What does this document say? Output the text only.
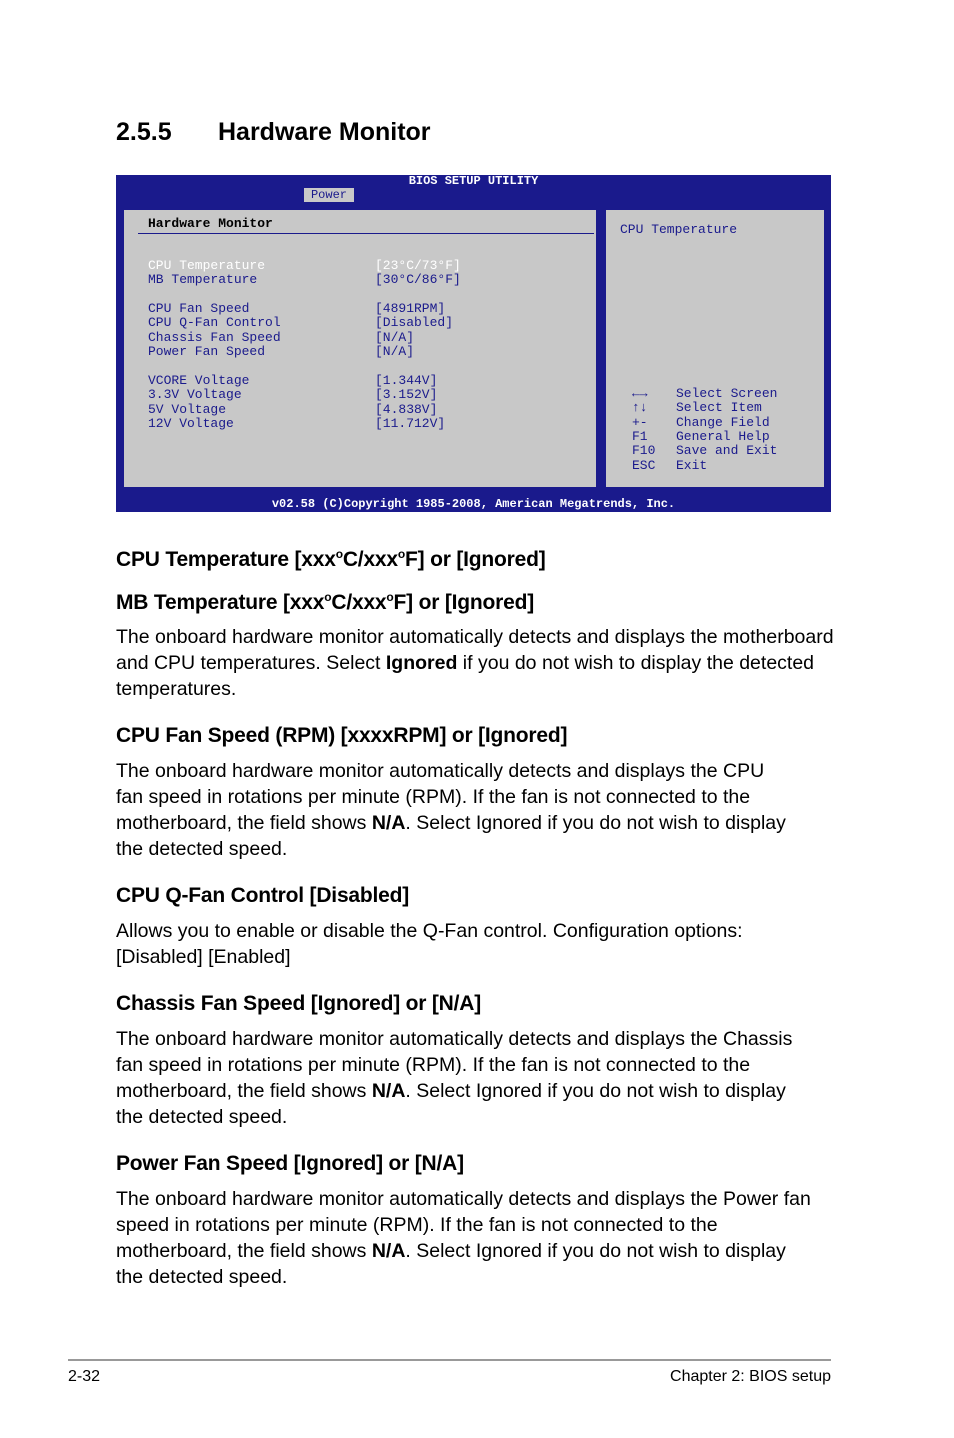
2.5.5 Hardware Monitor
BIOS SETUP UTILITY
Power
Hardware Monitor
CPU Temperature	[23°C/73°F]
MB Temperature	[30°C/86°F]
CPU Fan Speed	[4891RPM]
CPU Q-Fan Control	[Disabled]
Chassis Fan Speed	[N/A]
Power Fan Speed	[N/A]
VCORE Voltage	[1.344V]
3.3V Voltage	[3.152V]
5V Voltage	[4.838V]
12V Voltage	[11.712V]
CPU Temperature
←→ Select Screen
↑↓ Select Item
+- Change Field
F1 General Help
F10 Save and Exit
ESC Exit
v02.58 (C)Copyright 1985-2008, American Megatrends, Inc.
CPU Temperature [xxx$^o$C/xxx$^o$F] or [Ignored]
MB Temperature [xxx$^o$C/xxx$^o$F] or [Ignored]

The onboard hardware monitor automatically detects and displays the motherboard and CPU temperatures. Select Ignored if you do not wish to display the detected temperatures.

CPU Fan Speed (RPM) [xxxxRPM] or [Ignored]

The onboard hardware monitor automatically detects and displays the CPU fan speed in rotations per minute (RPM). If the fan is not connected to the motherboard, the field shows N/A. Select Ignored if you do not wish to display the detected speed.

CPU Q-Fan Control [Disabled]

Allows you to enable or disable the Q-Fan control. Configuration options: [Disabled] [Enabled]

Chassis Fan Speed [Ignored] or [N/A]

The onboard hardware monitor automatically detects and displays the Chassis fan speed in rotations per minute (RPM). If the fan is not connected to the motherboard, the field shows N/A. Select Ignored if you do not wish to display the detected speed.

Power Fan Speed [Ignored] or [N/A]

The onboard hardware monitor automatically detects and displays the Power fan speed in rotations per minute (RPM). If the fan is not connected to the motherboard, the field shows N/A. Select Ignored if you do not wish to display the detected speed.

2-32	Chapter 2: BIOS setup
